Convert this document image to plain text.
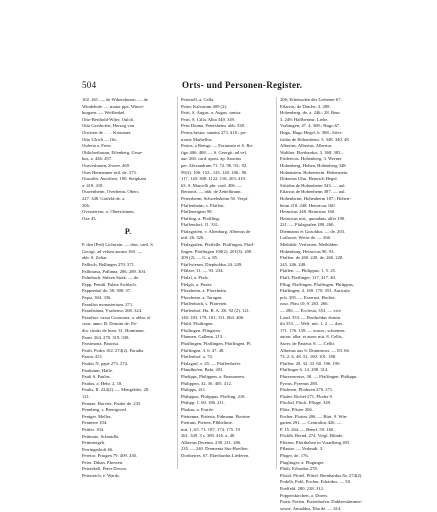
504	Orts- und Personen-Register.
102. 261. — de Wikerzhusen. — de
Windebule. — maior ppa. Wince-
burgens. — Weiflenkel.
Otto-Berthold-Wiler, Oulch.
Otto Gershofen, Herzog von
Otwisen de . . . . Kronauer.
Otto Ulrich — Ott.
Ouleria a. Freie.
Oblichesbrunn, Eilenberg, Ursar-
hus, a. 446. 457.
Ourveshusen, Zweer. 469.
Ours Hermanner mil. de. 273.
Ouwalin, Aursfürst. 100. Steiphani
a. 418. 418.
Ouwenheim, Overheim, Oberr,
227. 348. Gotfeld de. a.
206.
Oversterein, o. Obersfrimen.
Oxe 43.
P.
P. den (Ped) Lichstein. — dias. card. S.
Georgi. ad velum aurum 160. —
abb. S. Zeliat.
Pallisch, Bellingen 270. 371.
Pallinrasa, Pallinna. 286. 289. 304.
Palmbach, Sülzen Strak. — de.
Papp, Pemiß. Palatz Sichlach.
Pappenhof de. 38. 308. 37.
Papst. 304. 336.
Paradiso monasterium. 271.
Paradisiana, Ysaberna. 268. 324.
Paradiso: cassa Coronaria, a. abba. et
cons. anno. B. Domini de. Pa-
dia. cinitis de hom. 31. Hominian.
Parm. 264. 270. 319. 338.
Parsimona, Pastrisa.
Parth. Podra 102. 274(2). Paradia
Pastor 413.
Paulus N. pape 273. 274.
Paulinum, Halle.
Pauli S. Paulus.
Paulus, a. Hehr. 2. 18.
Paulis, II. 224(2). — Mengeldes. 28.
121.
Pennae, Horvitz. Pauler de. 235.
Pennberg. s. Brenigwed.
Pentger. Melles.
Penmere 104.
Pettler. 104.
Pettinato, Schmidla.
Pettiniergeh.
Perringerhoft 66.
Pereiro. Priogen 79. 409. 430.
Peter. Dikan. Ebessen.
Peterekell, Peter Dovon.
Peterreich, e. Wards.
Petersell, a. Cella.
Petrn, Kalvarum 409 (2).
Petri, S. Augus. a. Augus. sanior.
Petri, S. Cilla. Alba 349. 349.
Petri Donna. Petersheim. abb. 338.
Petrus bestor, sanatia 273. 418.; pa-
tronie Marbellus.
Petrus, a Remgr. — Fortunata et S. Ru-
figo 406. 408. — S. Georgii. ad vel.
aur. 260. card. apost. ap. Sanctus
per. Alexandrum 71. 72. 90. 93.; 92.
99(2). 106. 152.; 145. 120. 106.; 96.
117. 120. 308. 1122. 116; 203. 410.
63. S. Marcelli pbr. card. 406. —
Bertonis. — abb. de Zettelbrunn.
Petersheim, Schwebsheim 50. Verpf.
Pfaffenheim, s. Pfaffen.
Pfaffenzigten 98.
Pfaffing, a. Pfaffling.
Pfaffendorf, 11. 331.
Pfalzgrafen, v. Altenburg. Albertus de
mil. 26. 326.
Pfalzgrafen, Pfaffelle. Pfaffingen, Pfaff-
lingen. Pfaffingen 100(2). 201(3). 200.
209 (2). — G. a. 85.
Pfaffwiesen, Diepholdus 24. 249.
Pfälzer, 11. — 93. 234.
Pfalzl, a. Pfalz.
Pfelgis, a. Pinter.
Pforzheim, a. Pforzheim.
Pforzheim. a. Taragen.
Pfaffenbach, s. Pfarreien.
Pfaffenhof, Ha. B. A. Z6. 92 (2). 121.
140. 183. 179. 181; 151. 863. 406.
Pfuhl. Pfuilingen.
Pfullingen. Pfingsten.
Pfannen. Gallenn. 213.
Phaffingen, Pfaffingen. Pfaffingen. Pf.
Pfaffingen. 3. 6. 47. 48.
Pfaffenhof. a. 74.
Pfalzgraf, v. 45. — Pfaffenhofer.
Pfandhofen, Bahr. 203.
Phelipps, Philippen, a. Ensmaeren.
Philippen, 32. 36. 405. 412.
Philipps, 411.
Philippus, Philippus. Pfaffing. 218.
Philipp, 1. 60. 186. 211.
Phokas, a. Forrée.
Pietrenna, Pieteria. Pidmann. Pietrine
Pietrum, Pietrea, Pfhhelime.
mit. 1, 65. 71. 187. 174. 175. 19
261. 349. 3 s. 389. 416. a. 40.
Albertus Derenin. 238. 211. 286.
235. — 240. Dremenia Süs-Hoeffen.
Dortberres. 67. Eberhardus Liederen.
206; Erheisoden des Liebener 67.
Eilarrus, de Drache. 3. 288.
Hohenberg. de, a. 246.; 28. Beur.
3. 249; Haffbeneur. Liehe.
Vorbingen, 47. 4. 308.; Hugo 67.
Hugo, Hugo Hegel, b. 368.; Sifer-
fridus de Hohenheim. 3. 348. 340. 48.
Albertus. Albertus. Albertus
Walther. Eberhardus. 3. 368. 383.;
Fridericus. Hohenberg. 3. Werner.
Hohenberg, Hohen, Hohenberg 348.
Hohenstein. Hohenstein. Hohenstein
Dobertus Ulm. Heinrich Hegel.
Sifridus de Hohenheim 343. — uul.
Eilarrus de Hohenheim 387. — uul.
Hohenheim, Hohenheim 187.; Hohen-
heim 218. 248. Heinricus 160.
Heinricus 248. Heinricus 160.
Heinricus mit., quondam, aller 190.
221. — Pfalzgrafen 188. 260.
Dietmarus et Gozoldus. — de. 203.
Lothrore; Weise de. — 266.
Methilde. Verforren. Methilden.
Hohenburg. Heinricus 90. 93.
Pfaffen. de 260. 228. de. 266. 228.
245. 246. 248.
Pfaffen. — Philippus. 1. 5. 25.
Pfaff, Pfaffinger, 117. 417. 40.
Pflug, Pfaffingen, Pfaffingen. Philippus,
Pfaffingen, 4. 169. 170. 353. Auricula
pch. 305. — Erzerust. Hochte.
ruso. Pfau 10; 9. 265. 266.
— 286. — Ecclesia, 353. — vice
Loud. 353. — Bertholdus domin.
ibi 353. — Welt. mit. 1. 2. — dies.
171. 176. 139. — auron.; schreines.
auron. alba. et auror mit. 8. Cellis.
Sacer. de Pasteur. 8. — Cellis
Albertus aus S. Dominicus. — 83. 66.
73. 2. 6. 48. 52. 100. 101. 188.
Pfaffen. 28. 32. 33. 60. 196. 199.
Pfaffinger 6. 14. 298. 314.
Pfurrenweise, 38. — Pfaffingen. Philippu.
Pyrius, Pyrenus 280.
Ploderen, Ploderen 270. 271.
Ploder. Richel 271. Ploder 9.
Plochel, Flock. Pfluge. 349.
Plötz, Pfister 206.
Pocher. Flottes 206. — Bürt. 9. Win-
garten 291. — Centralius 426. —
P. 15. 264. — Benef. 59. 160.
Pöcklb, Bernd. 274. Vergl. Blindo.
Pförten, Pförtheben in Vorarlberg 405.
Pflaster. — Verknidt. 3.
Ploger, de. 176.
Pluglinger, a. Pluginger.
Plöth. Erhardus 278.
Pfotel, Pfotel, Pfittel. Bernhardus 8a. 274(2).
Podelh, Pohl, Pocher, Erhardus. — 50.
Poelfeld. 280. 238. 312.
Popperskirchen, a. Doren.
Portn, Porten. Portenhofen. Dubberstämmer-
sowie. Anualdus, Eba de. — 414.
